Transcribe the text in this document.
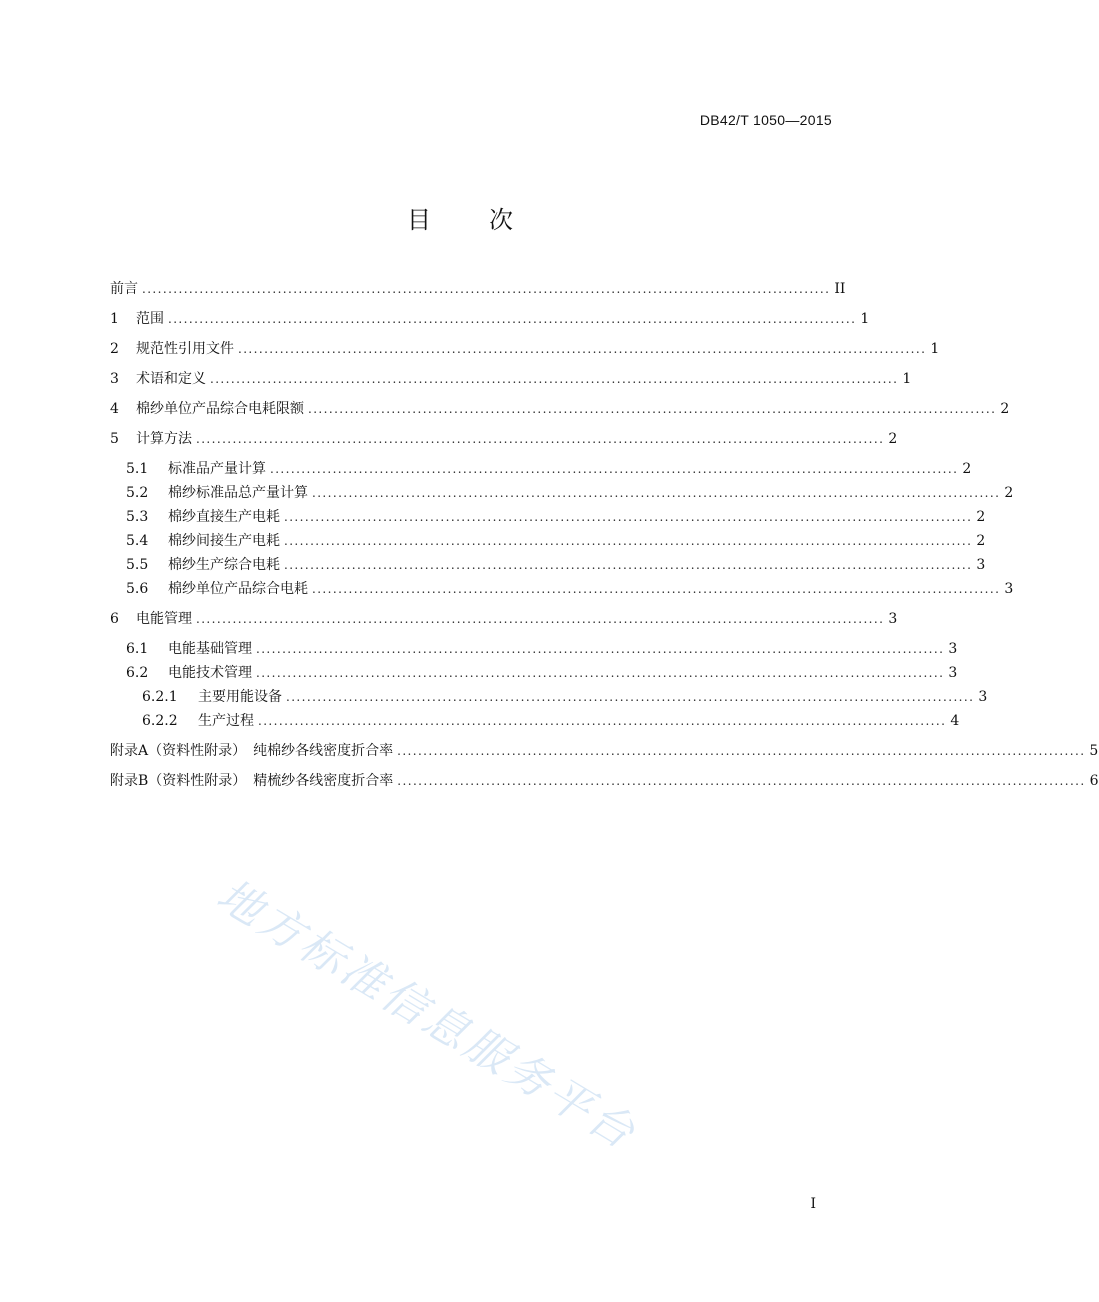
DB42/T 1050—2015
目 次
前言 .................................................................................................................................... II
1	范围 .................................................................................................................................... 1
2	规范性引用文件 .................................................................................................................................... 1
3	术语和定义 .................................................................................................................................... 1
4	棉纱单位产品综合电耗限额 .................................................................................................................................... 2
5	计算方法 .................................................................................................................................... 2
5.1	标准品产量计算 .................................................................................................................................... 2
5.2	棉纱标准品总产量计算 .................................................................................................................................... 2
5.3	棉纱直接生产电耗 .................................................................................................................................... 2
5.4	棉纱间接生产电耗 .................................................................................................................................... 2
5.5	棉纱生产综合电耗 .................................................................................................................................... 3
5.6	棉纱单位产品综合电耗 .................................................................................................................................... 3
6	电能管理 .................................................................................................................................... 3
6.1	电能基础管理 .................................................................................................................................... 3
6.2	电能技术管理 .................................................................................................................................... 3
6.2.1	主要用能设备 .................................................................................................................................... 3
6.2.2	生产过程 .................................................................................................................................... 4
附录A（资料性附录）　纯棉纱各线密度折合率 .................................................................................................................................... 5
附录B（资料性附录）　精梳纱各线密度折合率 .................................................................................................................................... 6
地方标准信息服务平台
I
